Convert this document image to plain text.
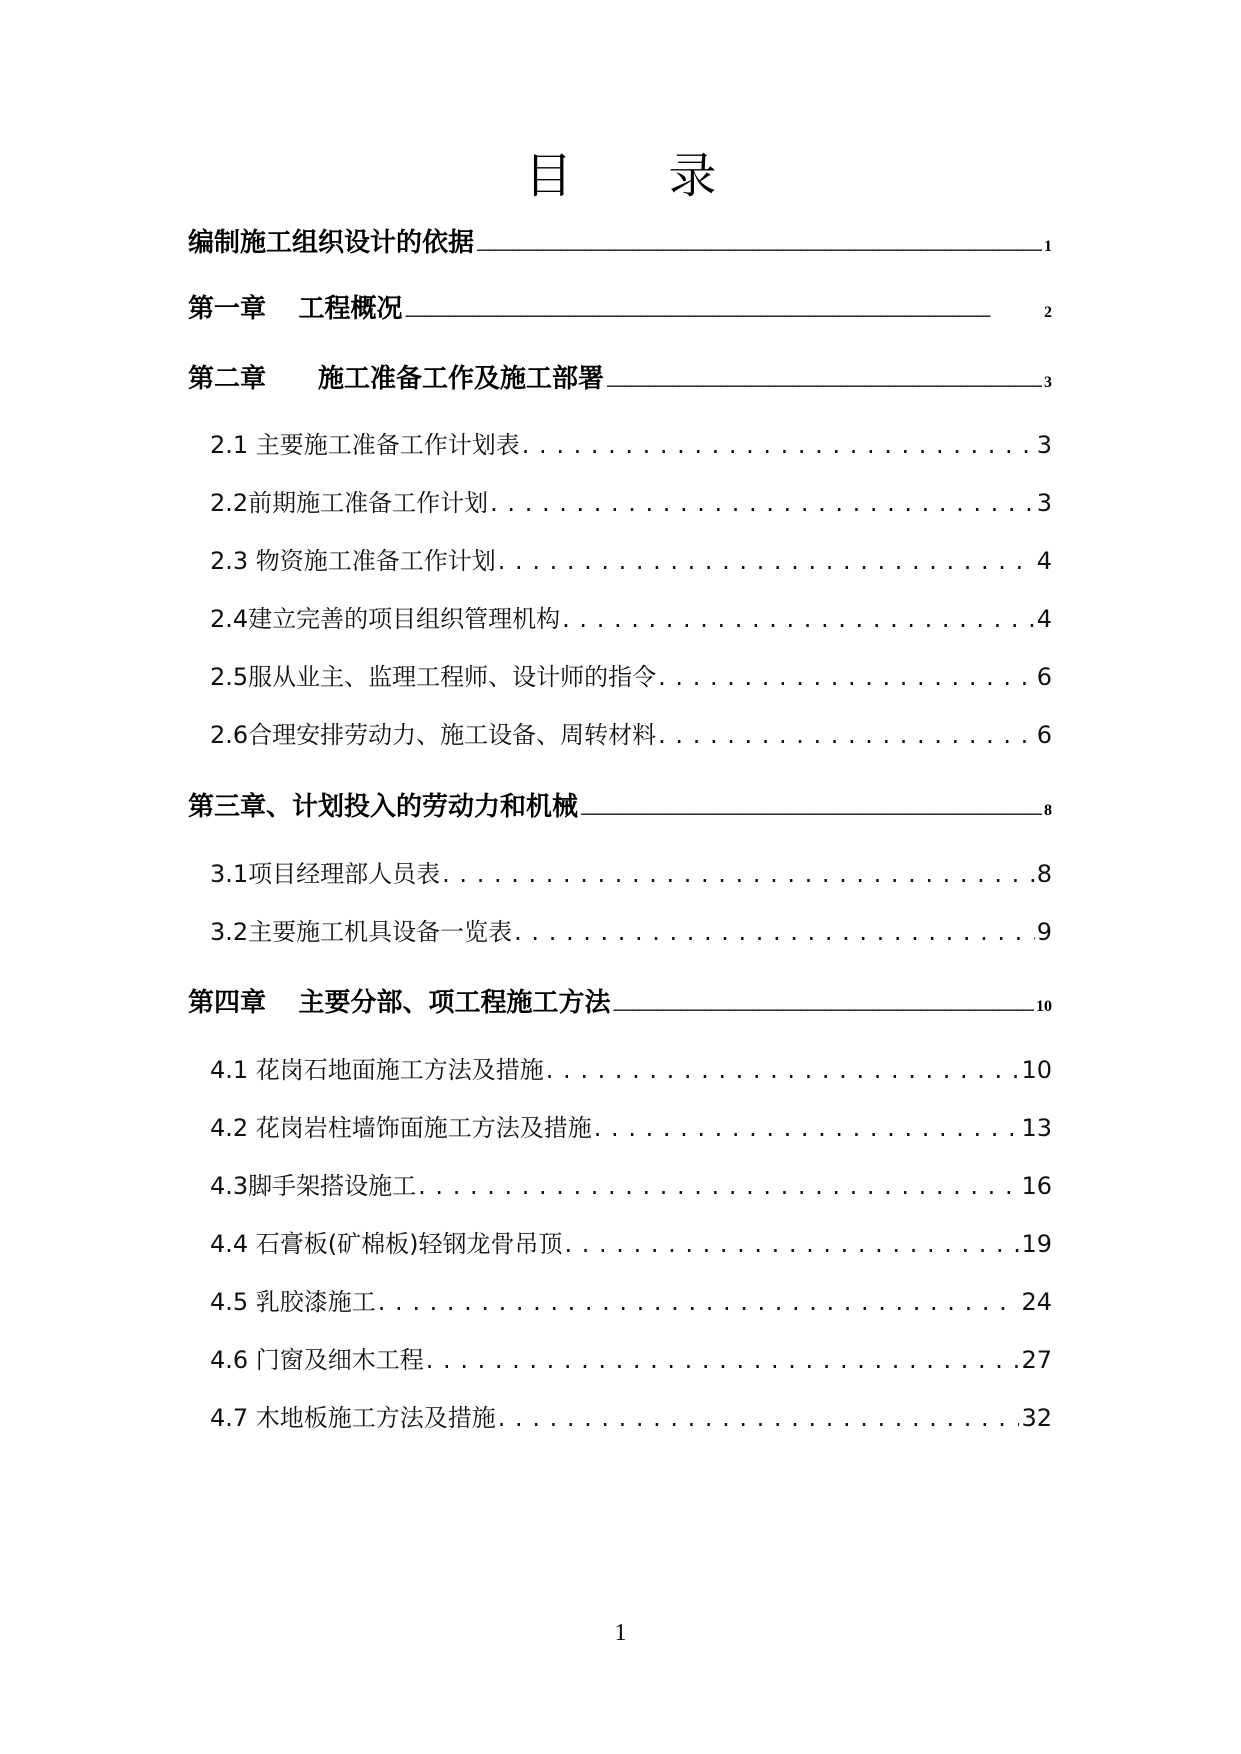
目 录
编制施工组织设计的依据 .....	1
第一章　 工程概况 .....	2
第二章　　施工准备工作及施工部署 .....	3
2.1 主要施工准备工作计划表 . . .	3
2.2前期施工准备工作计划 . . .	3
2.3 物资施工准备工作计划 . . .	4
2.4建立完善的项目组织管理机构 . . .	4
2.5服从业主、监理工程师、设计师的指令 . . .	6
2.6合理安排劳动力、施工设备、周转材料 . . .	6
第三章、计划投入的劳动力和机械 .....	8
3.1项目经理部人员表 . . .	8
3.2主要施工机具设备一览表 . . .	9
第四章　 主要分部、项工程施工方法 .....	10
4.1 花岗石地面施工方法及措施 . . .	10
4.2 花岗岩柱墙饰面施工方法及措施 . . .	13
4.3脚手架搭设施工 . . .	16
4.4 石膏板(矿棉板)轻钢龙骨吊顶 . . .	19
4.5 乳胶漆施工 . . .	24
4.6 门窗及细木工程 . . .	27
4.7 木地板施工方法及措施 . . .	32
1
